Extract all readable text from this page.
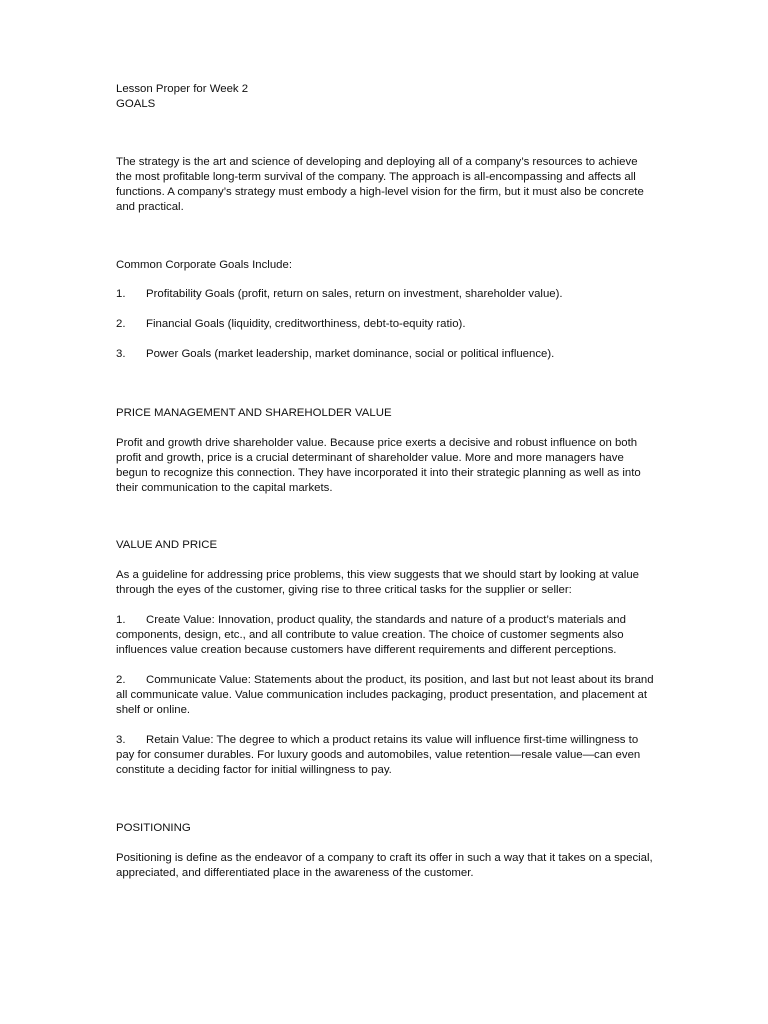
Lesson Proper for Week 2

GOALS

The strategy is the art and science of developing and deploying all of a company’s resources to achieve the most profitable long-term survival of the company. The approach is all-encompassing and affects all functions. A company’s strategy must embody a high-level vision for the firm, but it must also be concrete and practical.

Common Corporate Goals Include:

1.	Profitability Goals (profit, return on sales, return on investment, shareholder value).
2.	Financial Goals (liquidity, creditworthiness, debt-to-equity ratio).
3.	Power Goals (market leadership, market dominance, social or political influence).

PRICE MANAGEMENT AND SHAREHOLDER VALUE

Profit and growth drive shareholder value. Because price exerts a decisive and robust influence on both profit and growth, price is a crucial determinant of shareholder value. More and more managers have begun to recognize this connection. They have incorporated it into their strategic planning as well as into their communication to the capital markets.

VALUE AND PRICE

As a guideline for addressing price problems, this view suggests that we should start by looking at value through the eyes of the customer, giving rise to three critical tasks for the supplier or seller:

1. Create Value: Innovation, product quality, the standards and nature of a product’s materials and components, design, etc., and all contribute to value creation. The choice of customer segments also influences value creation because customers have different requirements and different perceptions.

2. Communicate Value: Statements about the product, its position, and last but not least about its brand all communicate value. Value communication includes packaging, product presentation, and placement at shelf or online.

3. Retain Value: The degree to which a product retains its value will influence first-time willingness to pay for consumer durables. For luxury goods and automobiles, value retention—resale value—can even constitute a deciding factor for initial willingness to pay.

POSITIONING

Positioning is define as the endeavor of a company to craft its offer in such a way that it takes on a special, appreciated, and differentiated place in the awareness of the customer.
